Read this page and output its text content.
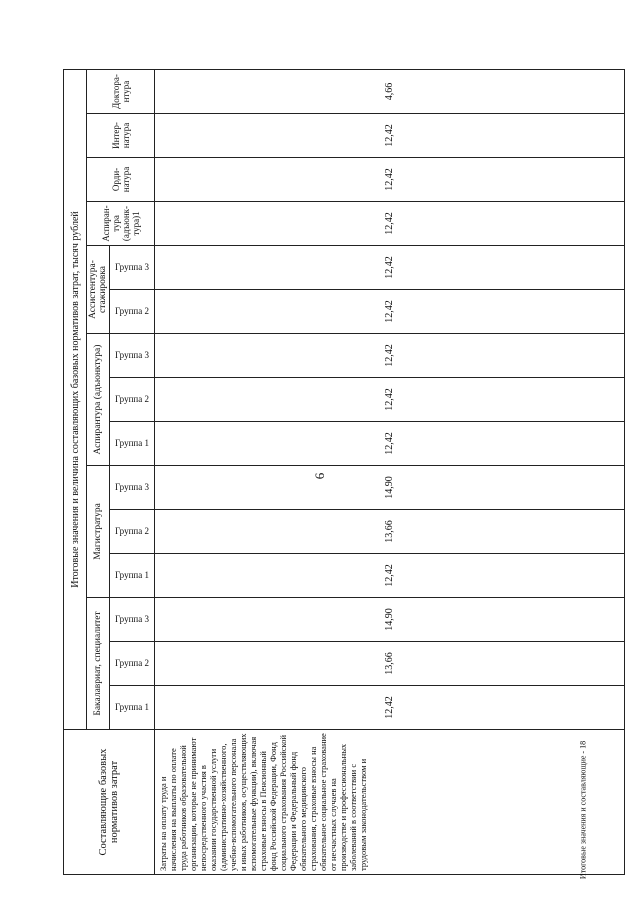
6
Составляющие базовых нормативов затрат	Итоговые значения и величина составляющих базовых нормативов затрат, тысяч рублей														
	Бакалавриат, специалитет			Магистратура			Аспирантура (адъюнктура)			Ассистентура-стажировка		Аспиран-тура (адъюнк-тура)1	Орди-натура	Интер-натура	Доктора-нтура
	Группа 1	Группа 2	Группа 3	Группа 1	Группа 2	Группа 3	Группа 1	Группа 2	Группа 3	Группа 2	Группа 3				
Затраты на оплату труда и начисления на выплаты по оплате труда работников образовательной организации, которые не принимают непосредственного участия в оказании государственной услуги (административно-хозяйственного, учебно-вспомогательного персонала и иных работников, осуществляющих вспомогательные функции), включая страховые взносы в Пенсионный фонд Российской Федерации, Фонд социального страхования Российской Федерации и Федеральный фонд обязательного медицинского страхования, страховые взносы на обязательное социальное страхование от несчастных случаев на производстве и профессиональных заболеваний в соответствии с трудовым законодательством и	12,42	13,66	14,90	12,42	13,66	14,90	12,42	12,42	12,42	12,42	12,42	12,42	12,42	12,42	4,66
Итоговые значения и составляющие - 18
